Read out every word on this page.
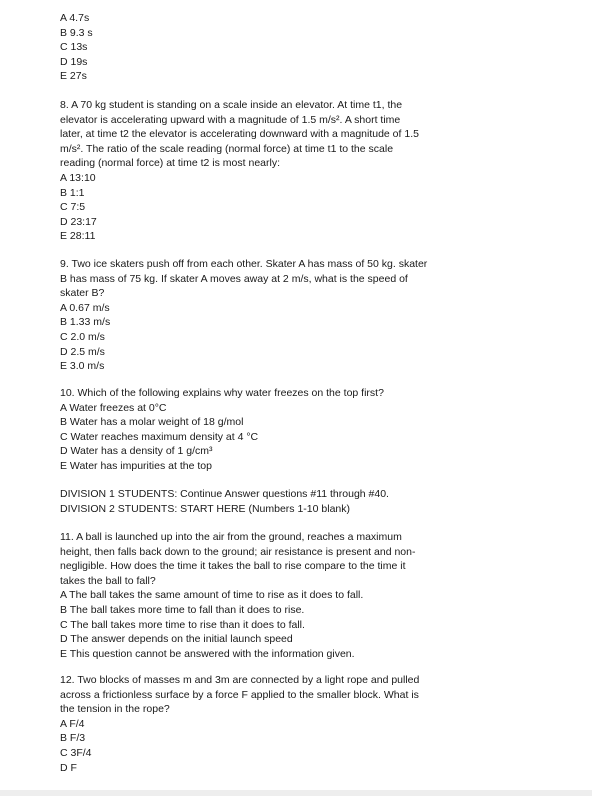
A 4.7s
B 9.3 s
C 13s
D 19s
E 27s
8. A 70 kg student is standing on a scale inside an elevator. At time t1, the
elevator is accelerating upward with a magnitude of 1.5 m/s². A short time
later, at time t2 the elevator is accelerating downward with a magnitude of 1.5
m/s². The ratio of the scale reading (normal force) at time t1 to the scale
reading (normal force) at time t2 is most nearly:
A 13:10
B 1:1
C 7:5
D 23:17
E 28:11
9. Two ice skaters push off from each other. Skater A has mass of 50 kg. skater
B has mass of 75 kg. If skater A moves away at 2 m/s, what is the speed of
skater B?
A 0.67 m/s
B 1.33 m/s
C 2.0 m/s
D 2.5 m/s
E 3.0 m/s
10. Which of the following explains why water freezes on the top first?
A Water freezes at 0°C
B Water has a molar weight of 18 g/mol
C Water reaches maximum density at 4 °C
D Water has a density of 1 g/cm³
E Water has impurities at the top
DIVISION 1 STUDENTS: Continue Answer questions #11 through #40.
DIVISION 2 STUDENTS: START HERE (Numbers 1-10 blank)
11. A ball is launched up into the air from the ground, reaches a maximum
height, then falls back down to the ground; air resistance is present and non-
negligible. How does the time it takes the ball to rise compare to the time it
takes the ball to fall?
A The ball takes the same amount of time to rise as it does to fall.
B The ball takes more time to fall than it does to rise.
C The ball takes more time to rise than it does to fall.
D The answer depends on the initial launch speed
E This question cannot be answered with the information given.
12. Two blocks of masses m and 3m are connected by a light rope and pulled
across a frictionless surface by a force F applied to the smaller block. What is
the tension in the rope?
A F/4
B F/3
C 3F/4
D F
